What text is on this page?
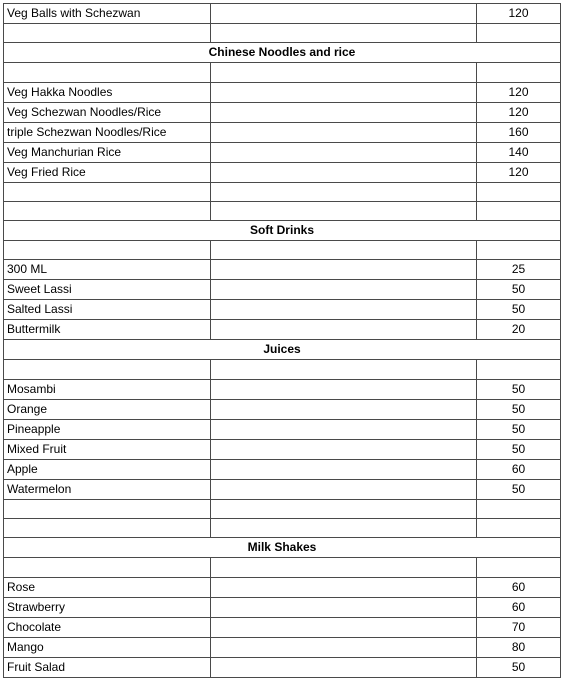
Veg Balls with Schezwan		120

Chinese Noodles and rice		

Veg Hakka Noodles		120
Veg Schezwan Noodles/Rice		120
triple Schezwan Noodles/Rice		160
Veg Manchurian Rice		140
Veg Fried Rice		120

Soft Drinks		

300 ML		25
Sweet Lassi		50
Salted Lassi		50
Buttermilk		20
Juices		

Mosambi		50
Orange		50
Pineapple		50
Mixed Fruit		50
Apple		60
Watermelon		50

Milk Shakes		

Rose		60
Strawberry		60
Chocolate		70
Mango		80
Fruit Salad		50
